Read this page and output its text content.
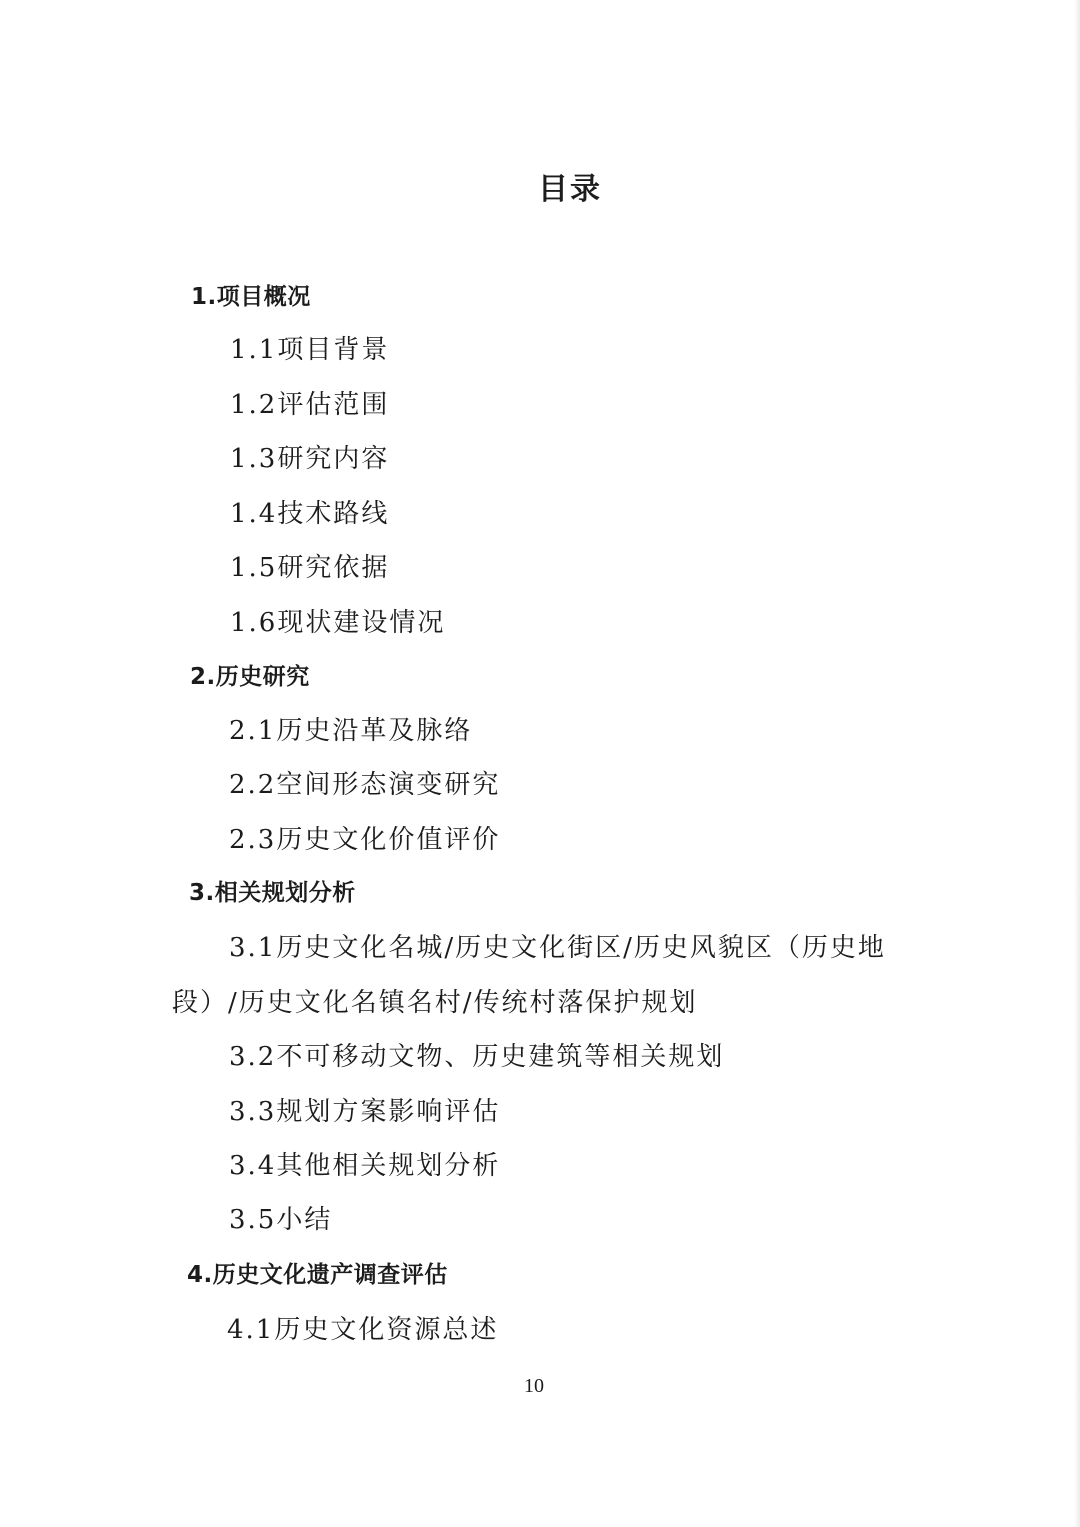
目录
1.项目概况
1.1项目背景
1.2评估范围
1.3研究内容
1.4技术路线
1.5研究依据
1.6现状建设情况
2.历史研究
2.1历史沿革及脉络
2.2空间形态演变研究
2.3历史文化价值评价
3.相关规划分析
3.1历史文化名城/历史文化街区/历史风貌区（历史地
段）/历史文化名镇名村/传统村落保护规划
3.2不可移动文物、历史建筑等相关规划
3.3规划方案影响评估
3.4其他相关规划分析
3.5小结
4.历史文化遗产调查评估
4.1历史文化资源总述
10
